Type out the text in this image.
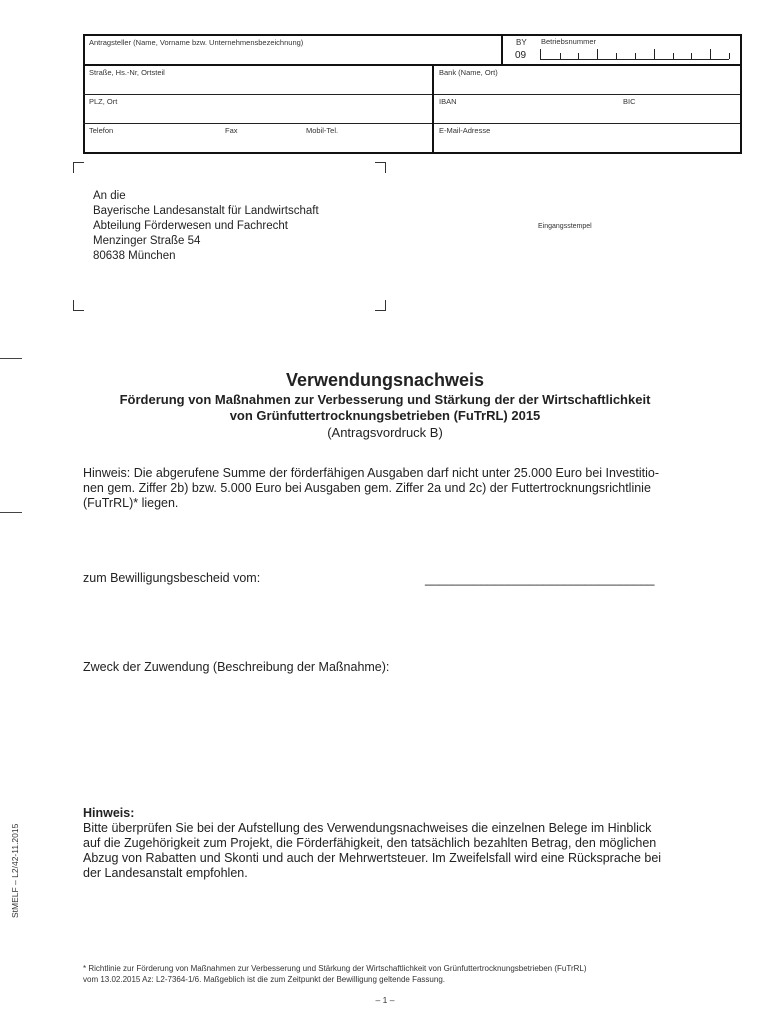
Antragsteller (Name, Vorname bzw. Unternehmensbezeichnung)	BY
09
Betriebsnummer
Straße, Hs.-Nr, Ortsteil	Bank (Name, Ort)
PLZ, Ort	IBAN	BIC
Telefon	Fax	Mobil-Tel.	E-Mail-Adresse
An die
Bayerische Landesanstalt für Landwirtschaft
Abteilung Förderwesen und Fachrecht
Menzinger Straße 54
80638 München
Eingangsstempel
Verwendungsnachweis
Förderung von Maßnahmen zur Verbesserung und Stärkung der der Wirtschaftlichkeit
von Grünfuttertrocknungsbetrieben (FuTrRL) 2015
(Antragsvordruck B)
Hinweis: Die abgerufene Summe der förderfähigen Ausgaben darf nicht unter 25.000 Euro bei Investitio-
nen gem. Ziffer 2b) bzw. 5.000 Euro bei Ausgaben gem. Ziffer 2a und 2c) der Futtertrocknungsrichtlinie
(FuTrRL)* liegen.
zum Bewilligungsbescheid vom:	_________________________________
Zweck der Zuwendung (Beschreibung der Maßnahme):
Hinweis:
Bitte überprüfen Sie bei der Aufstellung des Verwendungsnachweises die einzelnen Belege im Hinblick
auf die Zugehörigkeit zum Projekt, die Förderfähigkeit, den tatsächlich bezahlten Betrag, den möglichen
Abzug von Rabatten und Skonti und auch der Mehrwertsteuer. Im Zweifelsfall wird eine Rücksprache bei
der Landesanstalt empfohlen.
StMELF – L2/42-11.2015
* Richtlinie zur Förderung von Maßnahmen zur Verbesserung und Stärkung der Wirtschaftlichkeit von Grünfuttertrocknungsbetrieben (FuTrRL)
vom 13.02.2015 Az: L2-7364-1/6. Maßgeblich ist die zum Zeitpunkt der Bewilligung geltende Fassung.
– 1 –
